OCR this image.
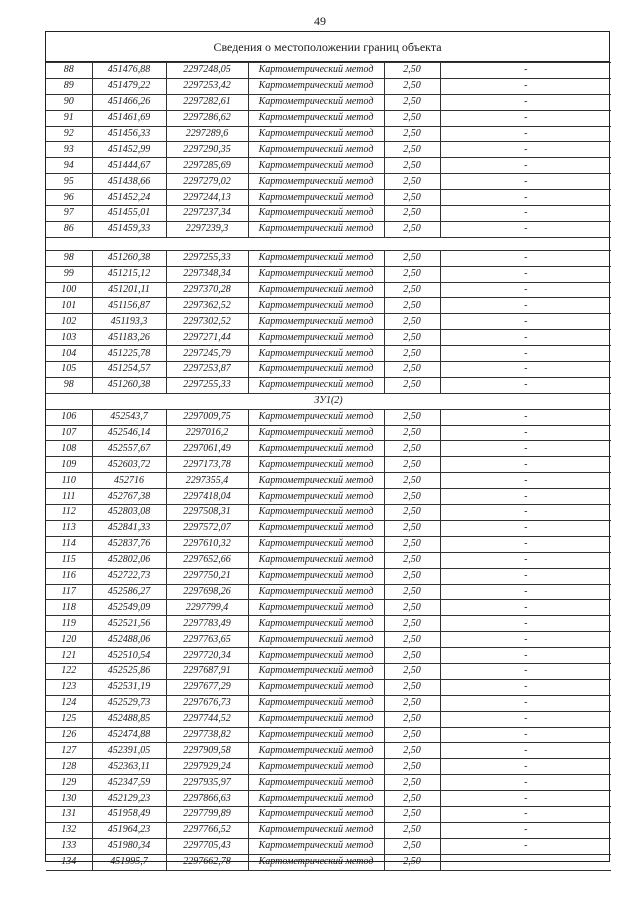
49
Сведения о местоположении границ объекта
88	451476,88	2297248,05	Картометрический метод	2,50	-
89	451479,22	2297253,42	Картометрический метод	2,50	-
90	451466,26	2297282,61	Картометрический метод	2,50	-
91	451461,69	2297286,62	Картометрический метод	2,50	-
92	451456,33	2297289,6	Картометрический метод	2,50	-
93	451452,99	2297290,35	Картометрический метод	2,50	-
94	451444,67	2297285,69	Картометрический метод	2,50	-
95	451438,66	2297279,02	Картометрический метод	2,50	-
96	451452,24	2297244,13	Картометрический метод	2,50	-
97	451455,01	2297237,34	Картометрический метод	2,50	-
86	451459,33	2297239,3	Картометрический метод	2,50	-

98	451260,38	2297255,33	Картометрический метод	2,50	-
99	451215,12	2297348,34	Картометрический метод	2,50	-
100	451201,11	2297370,28	Картометрический метод	2,50	-
101	451156,87	2297362,52	Картометрический метод	2,50	-
102	451193,3	2297302,52	Картометрический метод	2,50	-
103	451183,26	2297271,44	Картометрический метод	2,50	-
104	451225,78	2297245,79	Картометрический метод	2,50	-
105	451254,57	2297253,87	Картометрический метод	2,50	-
98	451260,38	2297255,33	Картометрический метод	2,50	-
ЗУ1(2)					
106	452543,7	2297009,75	Картометрический метод	2,50	-
107	452546,14	2297016,2	Картометрический метод	2,50	-
108	452557,67	2297061,49	Картометрический метод	2,50	-
109	452603,72	2297173,78	Картометрический метод	2,50	-
110	452716	2297355,4	Картометрический метод	2,50	-
111	452767,38	2297418,04	Картометрический метод	2,50	-
112	452803,08	2297508,31	Картометрический метод	2,50	-
113	452841,33	2297572,07	Картометрический метод	2,50	-
114	452837,76	2297610,32	Картометрический метод	2,50	-
115	452802,06	2297652,66	Картометрический метод	2,50	-
116	452722,73	2297750,21	Картометрический метод	2,50	-
117	452586,27	2297698,26	Картометрический метод	2,50	-
118	452549,09	2297799,4	Картометрический метод	2,50	-
119	452521,56	2297783,49	Картометрический метод	2,50	-
120	452488,06	2297763,65	Картометрический метод	2,50	-
121	452510,54	2297720,34	Картометрический метод	2,50	-
122	452525,86	2297687,91	Картометрический метод	2,50	-
123	452531,19	2297677,29	Картометрический метод	2,50	-
124	452529,73	2297676,73	Картометрический метод	2,50	-
125	452488,85	2297744,52	Картометрический метод	2,50	-
126	452474,88	2297738,82	Картометрический метод	2,50	-
127	452391,05	2297909,58	Картометрический метод	2,50	-
128	452363,11	2297929,24	Картометрический метод	2,50	-
129	452347,59	2297935,97	Картометрический метод	2,50	-
130	452129,23	2297866,63	Картометрический метод	2,50	-
131	451958,49	2297799,89	Картометрический метод	2,50	-
132	451964,23	2297766,52	Картометрический метод	2,50	-
133	451980,34	2297705,43	Картометрический метод	2,50	-
134	451995,7	2297662,78	Картометрический метод	2,50	-
